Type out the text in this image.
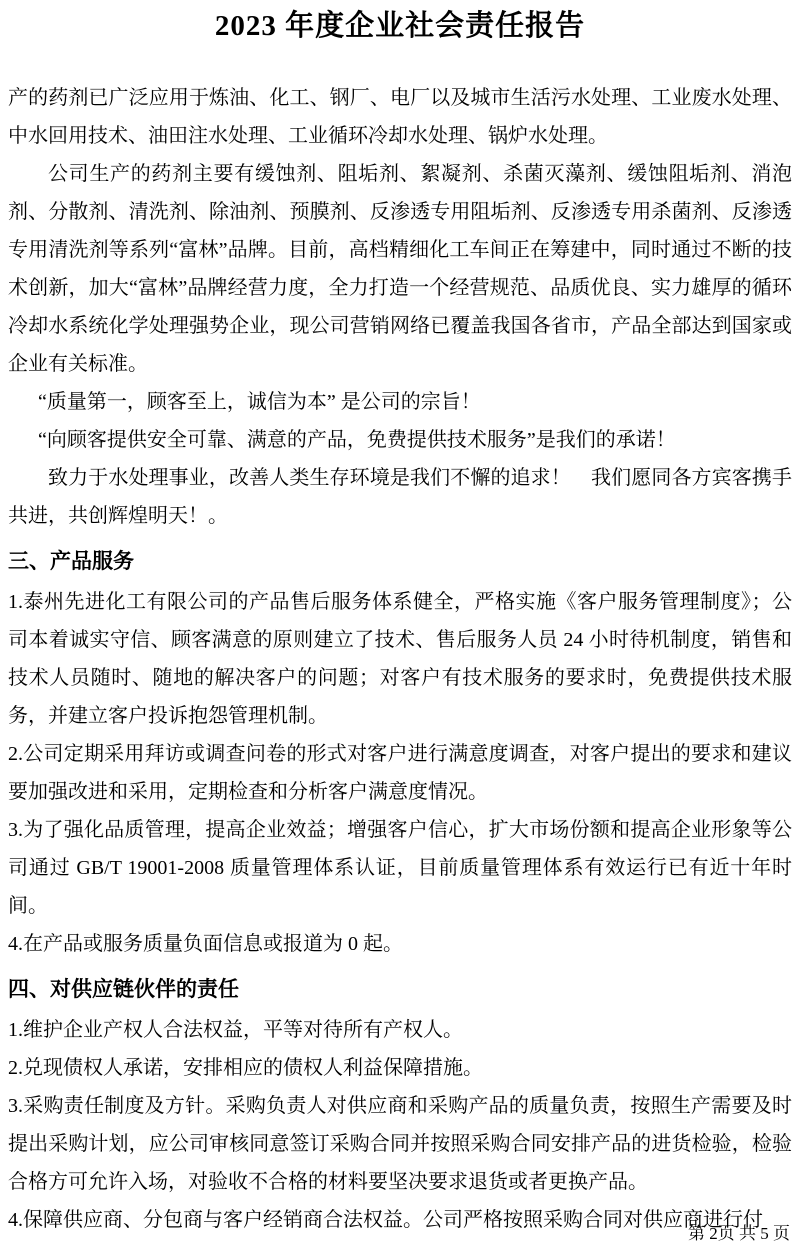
2023 年度企业社会责任报告

产的药剂已广泛应用于炼油、化工、钢厂、电厂以及城市生活污水处理、工业废水处理、中水回用技术、油田注水处理、工业循环冷却水处理、锅炉水处理。

公司生产的药剂主要有缓蚀剂、阻垢剂、絮凝剂、杀菌灭藻剂、缓蚀阻垢剂、消泡剂、分散剂、清洗剂、除油剂、预膜剂、反渗透专用阻垢剂、反渗透专用杀菌剂、反渗透专用清洗剂等系列“富林”品牌。目前，高档精细化工车间正在筹建中，同时通过不断的技术创新，加大“富林”品牌经营力度，全力打造一个经营规范、品质优良、实力雄厚的循环冷却水系统化学处理强势企业，现公司营销网络已覆盖我国各省市，产品全部达到国家或企业有关标准。

“质量第一，顾客至上，诚信为本” 是公司的宗旨！

“向顾客提供安全可靠、满意的产品，免费提供技术服务”是我们的承诺！

致力于水处理事业，改善人类生存环境是我们不懈的追求！　我们愿同各方宾客携手共进，共创辉煌明天！。

三、产品服务

1.泰州先进化工有限公司的产品售后服务体系健全，严格实施《客户服务管理制度》；公司本着诚实守信、顾客满意的原则建立了技术、售后服务人员 24 小时待机制度，销售和技术人员随时、随地的解决客户的问题；对客户有技术服务的要求时，免费提供技术服务，并建立客户投诉抱怨管理机制。

2.公司定期采用拜访或调查问卷的形式对客户进行满意度调查，对客户提出的要求和建议要加强改进和采用，定期检查和分析客户满意度情况。

3.为了强化品质管理，提高企业效益；增强客户信心，扩大市场份额和提高企业形象等公司通过 GB/T 19001-2008 质量管理体系认证，目前质量管理体系有效运行已有近十年时间。

4.在产品或服务质量负面信息或报道为 0 起。

四、对供应链伙伴的责任

1.维护企业产权人合法权益，平等对待所有产权人。

2.兑现债权人承诺，安排相应的债权人利益保障措施。

3.采购责任制度及方针。采购负责人对供应商和采购产品的质量负责，按照生产需要及时提出采购计划，应公司审核同意签订采购合同并按照采购合同安排产品的进货检验，检验合格方可允许入场，对验收不合格的材料要坚决要求退货或者更换产品。

4.保障供应商、分包商与客户经销商合法权益。公司严格按照采购合同对供应商进行付

第 2页 共 5 页
